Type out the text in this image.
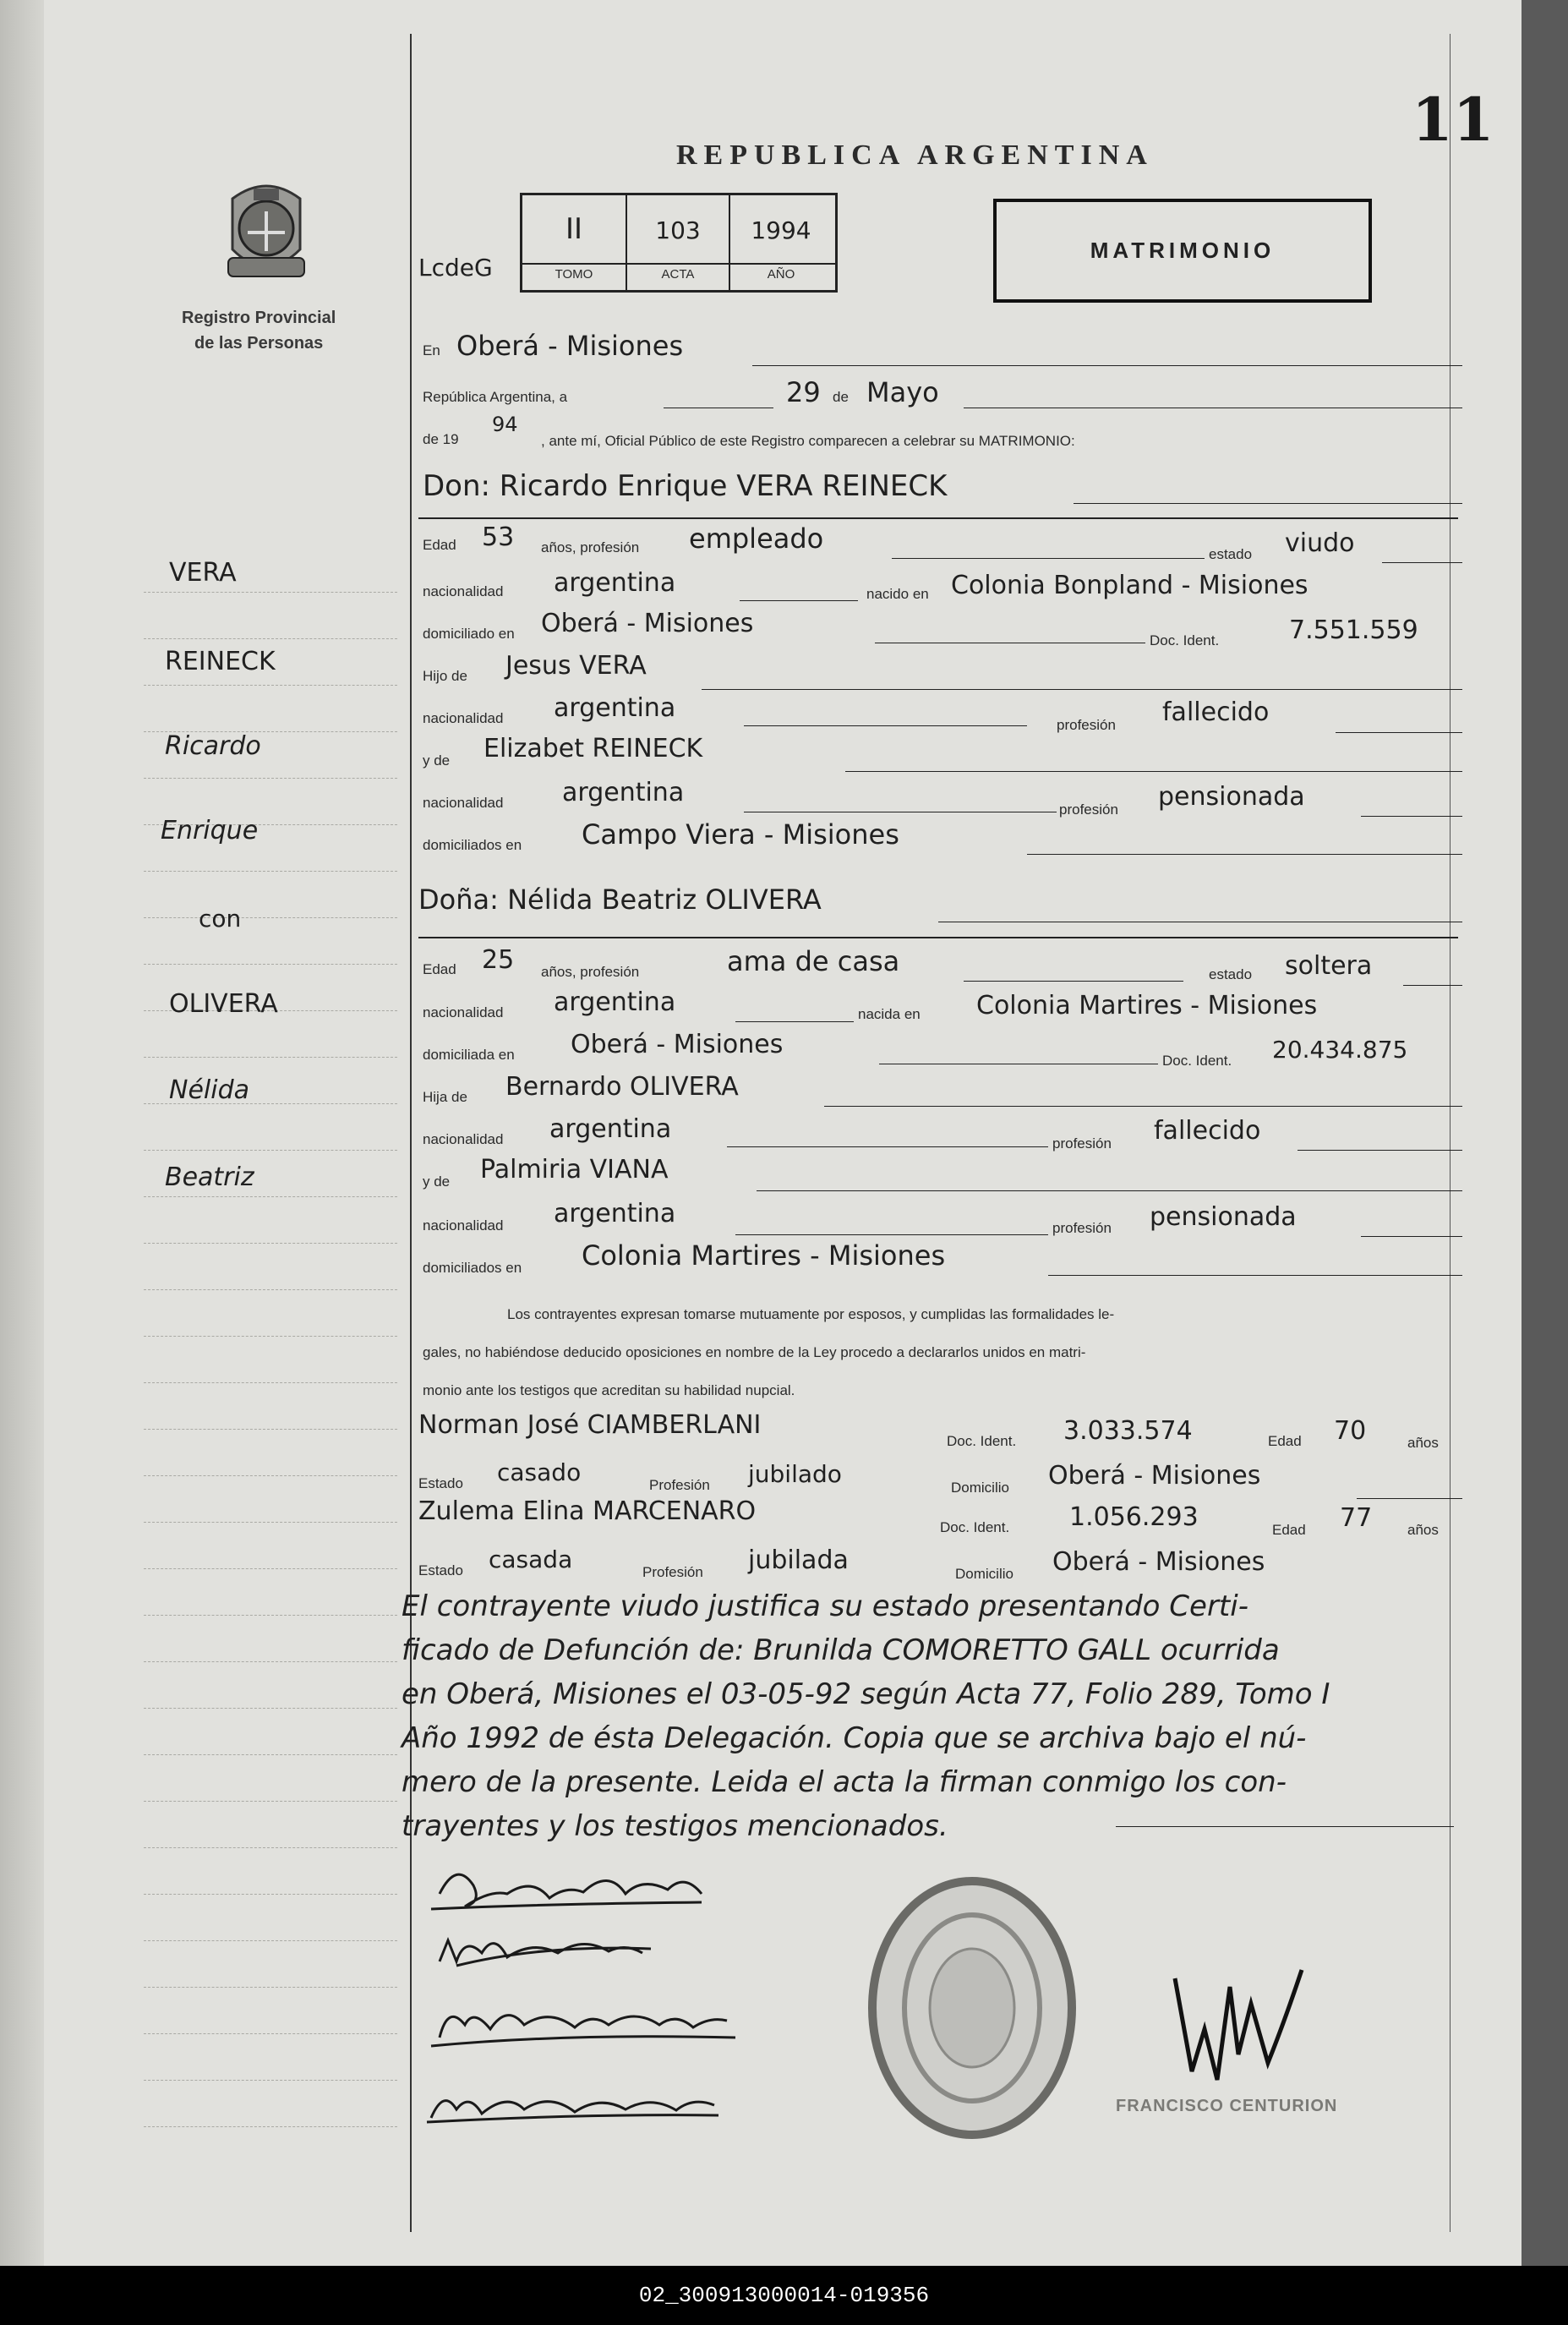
11
Registro Provincial
de las Personas
REPUBLICA ARGENTINA
LcdeG
II	103	1994
TOMO	ACTA	AÑO
MATRIMONIO
En Oberá - Misiones
República Argentina, a	29 de Mayo
de 19
94
, ante mí, Oficial Público de este Registro comparecen a celebrar su MATRIMONIO:
Don: Ricardo Enrique VERA REINECK
Edad 53 años, profesión empleado	estado viudo
nacionalidad argentina	nacido en Colonia Bonpland - Misiones
domiciliado en Oberá - Misiones
Doc. Ident.	7.551.559
Hijo de Jesus VERA
nacionalidad argentina
profesión fallecido
y de Elizabet REINECK
nacionalidad argentina
profesión pensionada
domiciliados en Campo Viera - Misiones
Doña: Nélida Beatriz OLIVERA
Edad 25 años, profesión	ama de casa	estado soltera
nacionalidad argentina	nacida en Colonia Martires - Misiones
domiciliada en Oberá - Misiones
Doc. Ident. 20.434.875
Hija de Bernardo OLIVERA
nacionalidad argentina	profesión fallecido
y de Palmiria VIANA
nacionalidad argentina	profesión pensionada
domiciliados en Colonia Martires - Misiones
Los contrayentes expresan tomarse mutuamente por esposos, y cumplidas las formalidades le-
gales, no habiéndose deducido oposiciones en nombre de la Ley procedo a declararlos unidos en matri-
monio ante los testigos que acreditan su habilidad nupcial.
Norman José CIAMBERLANI
Doc. Ident. 3.033.574	Edad 70	años
Estado casado	Profesión jubilado	Domicilio Oberá - Misiones
Zulema Elina MARCENARO
Doc. Ident. 1.056.293	Edad 77 años
Estado casada	Profesión jubilada	Domicilio Oberá - Misiones
El contrayente viudo justifica su estado presentando Certi-
ficado de Defunción de: Brunilda COMORETTO GALL ocurrida
en Oberá, Misiones el 03-05-92 según Acta 77, Folio 289, Tomo I
Año 1992 de ésta Delegación. Copia que se archiva bajo el nú-
mero de la presente. Leida el acta la firman conmigo los con-
trayentes y los testigos mencionados.
VERA
REINECK
Ricardo
Enrique
con
OLIVERA
Nélida
Beatriz
FRANCISCO CENTURION
02_300913000014-019356
